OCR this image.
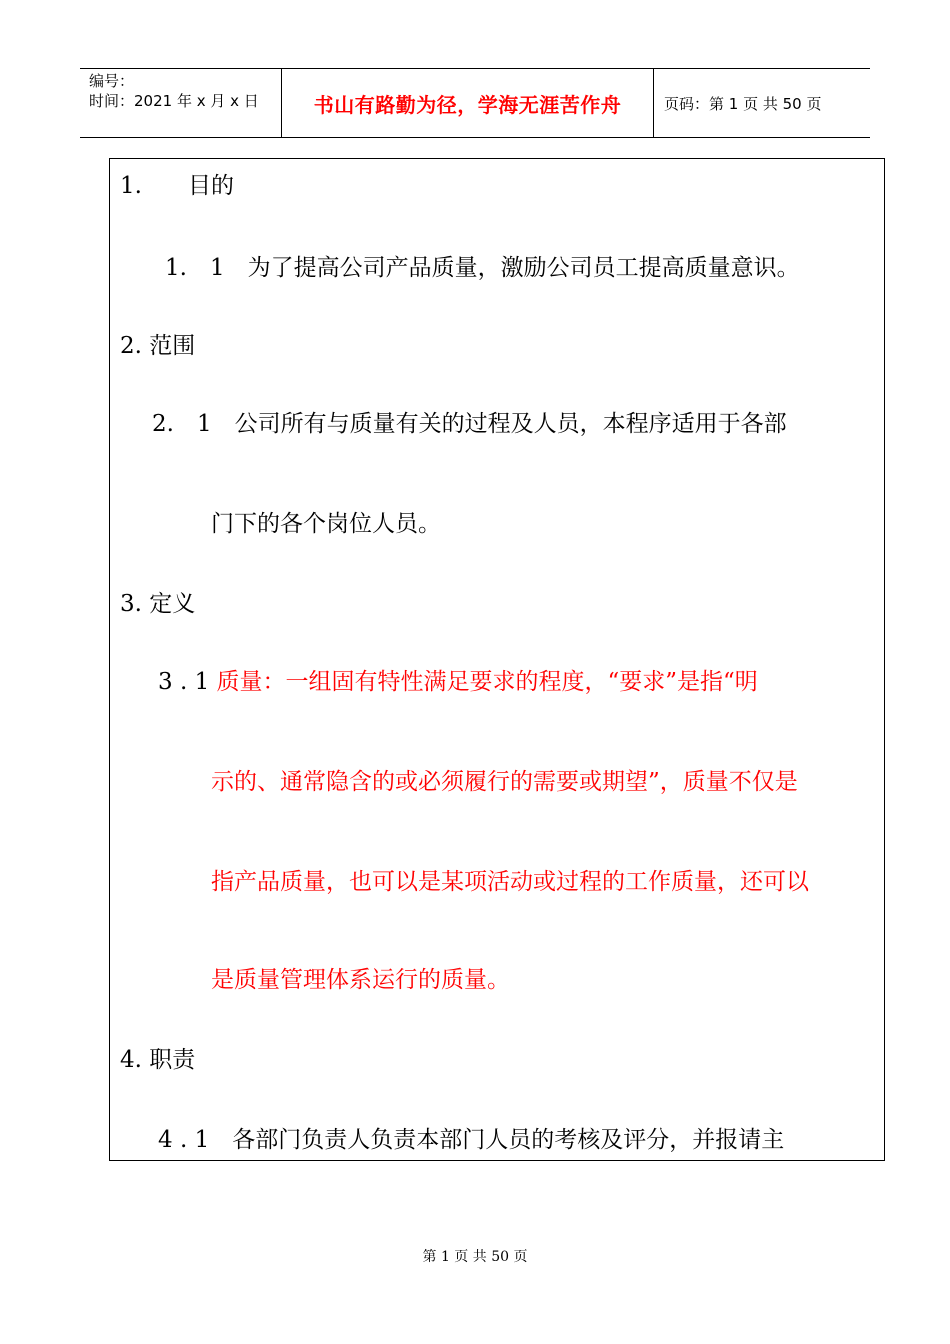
编号：
时间：2021 年 x 月 x 日	书山有路勤为径，学海无涯苦作舟	页码：第 1 页 共 50 页
1.　　目的
1.　1　为了提高公司产品质量，激励公司员工提高质量意识。
2. 范围
2.　1　公司所有与质量有关的过程及人员，本程序适用于各部
门下的各个岗位人员。
3. 定义
3 . 1 质量：一组固有特性满足要求的程度，“要求”是指“明
示的、通常隐含的或必须履行的需要或期望”，质量不仅是
指产品质量，也可以是某项活动或过程的工作质量，还可以
是质量管理体系运行的质量。
4. 职责
4 . 1　各部门负责人负责本部门人员的考核及评分，并报请主
第 1 页 共 50 页
